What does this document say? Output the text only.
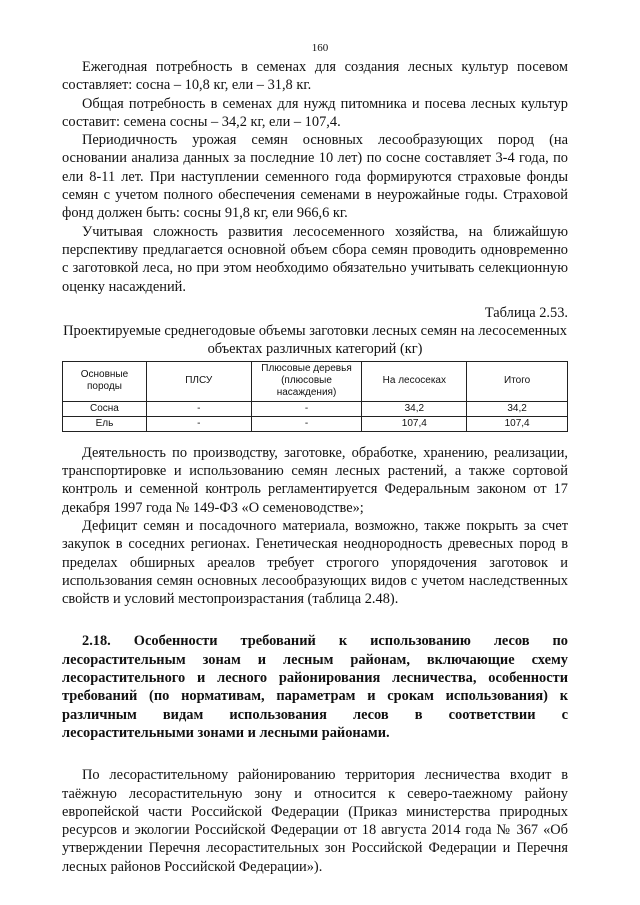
160

Ежегодная потребность в семенах для создания лесных культур посевом составляет: сосна – 10,8 кг, ели – 31,8 кг.

Общая потребность в семенах для нужд питомника и посева лесных культур составит: семена сосны – 34,2 кг, ели – 107,4.

Периодичность урожая семян основных лесообразующих пород (на основании анализа данных за последние 10 лет) по сосне составляет 3-4 года, по ели 8-11 лет. При наступлении семенного года формируются страховые фонды семян с учетом полного обеспечения семенами в неурожайные годы. Страховой фонд должен быть: сосны 91,8 кг, ели 966,6 кг.

Учитывая сложность развития лесосеменного хозяйства, на ближайшую перспективу предлагается основной объем сбора семян проводить одновременно с заготовкой леса, но при этом необходимо обязательно учитывать селекционную оценку насаждений.

Таблица 2.53.
Проектируемые среднегодовые объемы заготовки лесных семян на лесосеменных объектах различных категорий (кг)
Основные породы	ПЛСУ	Плюсовые деревья (плюсовые насаждения)	На лесосеках	Итого
Сосна	-	-	34,2	34,2
Ель	-	-	107,4	107,4

Деятельность по производству, заготовке, обработке, хранению, реализации, транспортировке и использованию семян лесных растений, а также сортовой контроль и семенной контроль регламентируется Федеральным законом от 17 декабря 1997 года № 149-ФЗ «О семеноводстве»;

Дефицит семян и посадочного материала, возможно, также покрыть за счет закупок в соседних регионах. Генетическая неоднородность древесных пород в пределах обширных ареалов требует строгого упорядочения заготовок и использования семян основных лесообразующих видов с учетом наследственных свойств и условий местопроизрастания (таблица 2.48).

2.18. Особенности требований к использованию лесов по лесорастительным зонам и лесным районам, включающие схему лесорастительного и лесного районирования лесничества, особенности требований (по нормативам, параметрам и срокам использования) к различным видам использования лесов в соответствии с лесорастительными зонами и лесными районами.

По лесорастительному районированию территория лесничества входит в таёжную лесорастительную зону и относится к северо-таежному району европейской части Российской Федерации (Приказ министерства природных ресурсов и экологии Российской Федерации от 18 августа 2014 года № 367 «Об утверждении Перечня лесорастительных зон Российской Федерации и Перечня лесных районов Российской Федерации»).
